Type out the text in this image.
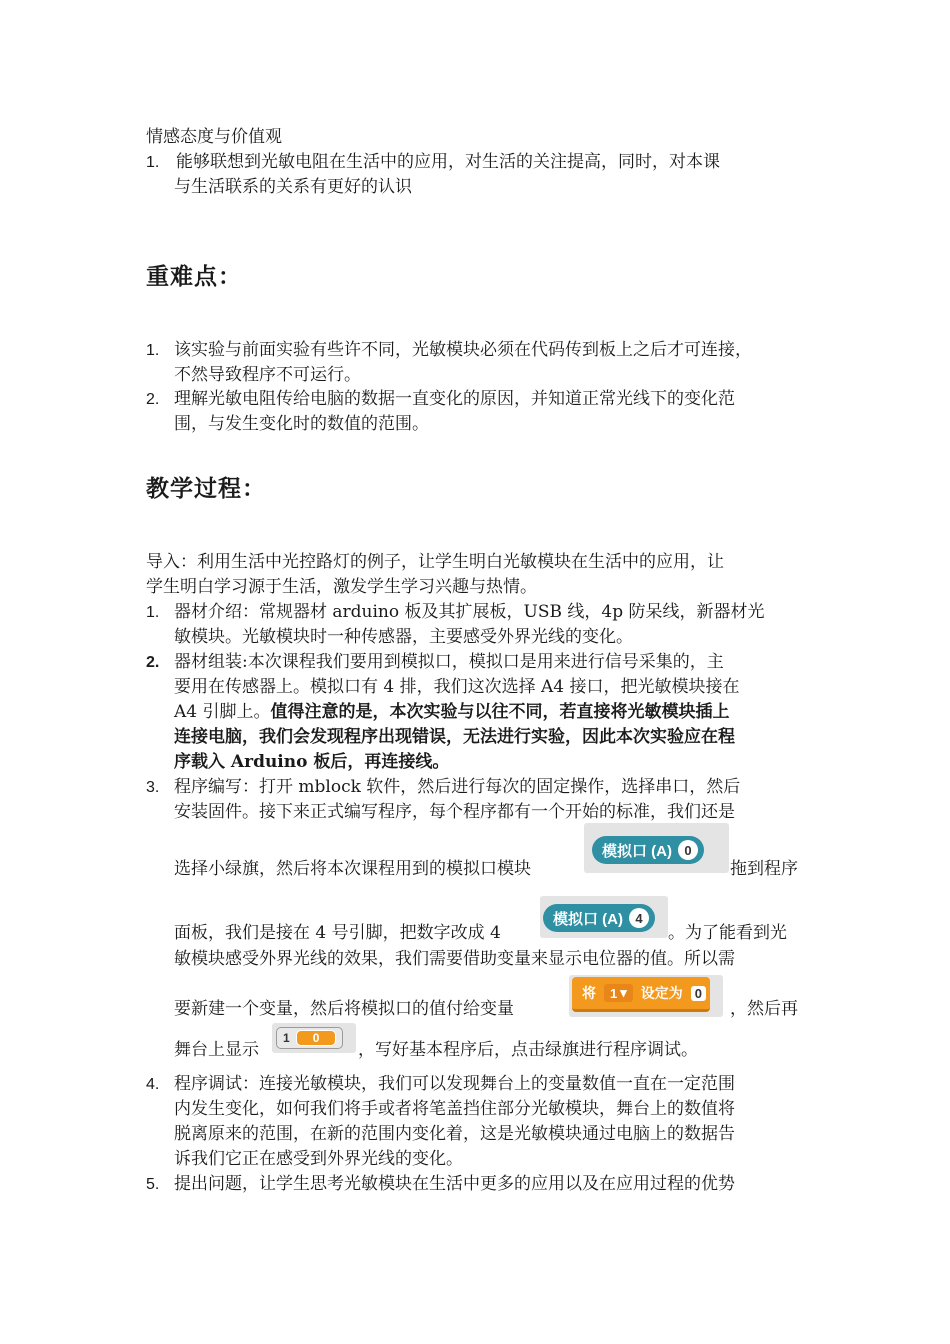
情感态度与价值观
1. 能够联想到光敏电阻在生活中的应用，对生活的关注提高，同时，对本课
与生活联系的关系有更好的认识
重难点：
1. 该实验与前面实验有些许不同，光敏模块必须在代码传到板上之后才可连接，
不然导致程序不可运行。
2. 理解光敏电阻传给电脑的数据一直变化的原因，并知道正常光线下的变化范
围，与发生变化时的数值的范围。
教学过程：
导入：利用生活中光控路灯的例子，让学生明白光敏模块在生活中的应用，让
学生明白学习源于生活，激发学生学习兴趣与热情。
1. 器材介绍：常规器材 arduino 板及其扩展板，USB 线，4p 防呆线，新器材光
敏模块。光敏模块时一种传感器，主要感受外界光线的变化。
2. 器材组装:本次课程我们要用到模拟口，模拟口是用来进行信号采集的，主
要用在传感器上。模拟口有 4 排，我们这次选择 A4 接口，把光敏模块接在
A4 引脚上。值得注意的是，本次实验与以往不同，若直接将光敏模块插上
连接电脑，我们会发现程序出现错误，无法进行实验，因此本次实验应在程
序载入 Arduino 板后，再连接线。
3. 程序编写：打开 mblock 软件，然后进行每次的固定操作，选择串口，然后
安装固件。接下来正式编写程序，每个程序都有一个开始的标准，我们还是
选择小绿旗，然后将本次课程用到的模拟口模块
模拟口 (A) 0
拖到程序
面板，我们是接在 4 号引脚，把数字改成 4
模拟口 (A) 4
。为了能看到光
敏模块感受外界光线的效果，我们需要借助变量来显示电位器的值。所以需
要新建一个变量，然后将模拟口的值付给变量
将 1 ▾ 设定为 0
，然后再
舞台上显示
1	0
，写好基本程序后，点击绿旗进行程序调试。
4. 程序调试：连接光敏模块，我们可以发现舞台上的变量数值一直在一定范围
内发生变化，如何我们将手或者将笔盖挡住部分光敏模块，舞台上的数值将
脱离原来的范围，在新的范围内变化着，这是光敏模块通过电脑上的数据告
诉我们它正在感受到外界光线的变化。
5. 提出问题，让学生思考光敏模块在生活中更多的应用以及在应用过程的优势
